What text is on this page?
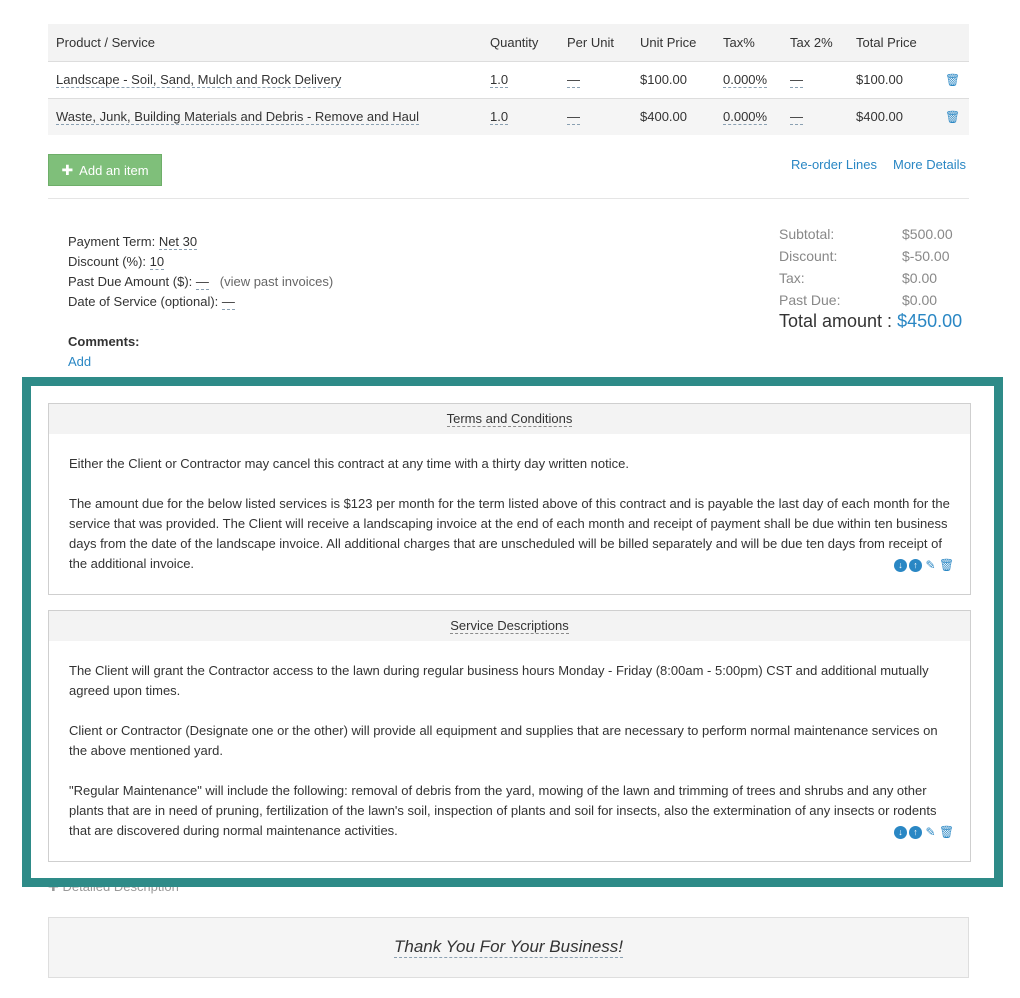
Product / Service	Quantity	Per Unit	Unit Price	Tax%	Tax 2%	Total Price	
Landscape - Soil, Sand, Mulch and Rock Delivery	1.0	—	$100.00	0.000%	—	$100.00	🗑
Waste, Junk, Building Materials and Debris - Remove and Haul	1.0	—	$400.00	0.000%	—	$400.00	🗑
✚ Add an item	Re-order Lines More Details
Payment Term: Net 30
Discount (%): 10
Past Due Amount ($): — (view past invoices)
Date of Service (optional): —
Comments:
Add
Subtotal:	$500.00
Discount:	$-50.00
Tax:	$0.00
Past Due:	$0.00
Total amount : $450.00
Terms and Conditions

Either the Client or Contractor may cancel this contract at any time with a thirty day written notice.

The amount due for the below listed services is $123 per month for the term listed above of this contract and is payable the last day of each month for the service that was provided. The Client will receive a landscaping invoice at the end of each month and receipt of payment shall be due within ten business days from the date of the landscape invoice. All additional charges that are unscheduled will be billed separately and will be due ten days from receipt of the additional invoice.	↓	↑ ✎ 🗑
Service Descriptions

The Client will grant the Contractor access to the lawn during regular business hours Monday - Friday (8:00am - 5:00pm) CST and additional mutually agreed upon times.

Client or Contractor (Designate one or the other) will provide all equipment and supplies that are necessary to perform normal maintenance services on the above mentioned yard.

"Regular Maintenance" will include the following: removal of debris from the yard, mowing of the lawn and trimming of trees and shrubs and any other plants that are in need of pruning, fertilization of the lawn's soil, inspection of plants and soil for insects, also the extermination of any insects or rodents that are discovered during normal maintenance activities.	↓	↑ ✎ 🗑
✚ Detailed Description
Thank You For Your Business!
